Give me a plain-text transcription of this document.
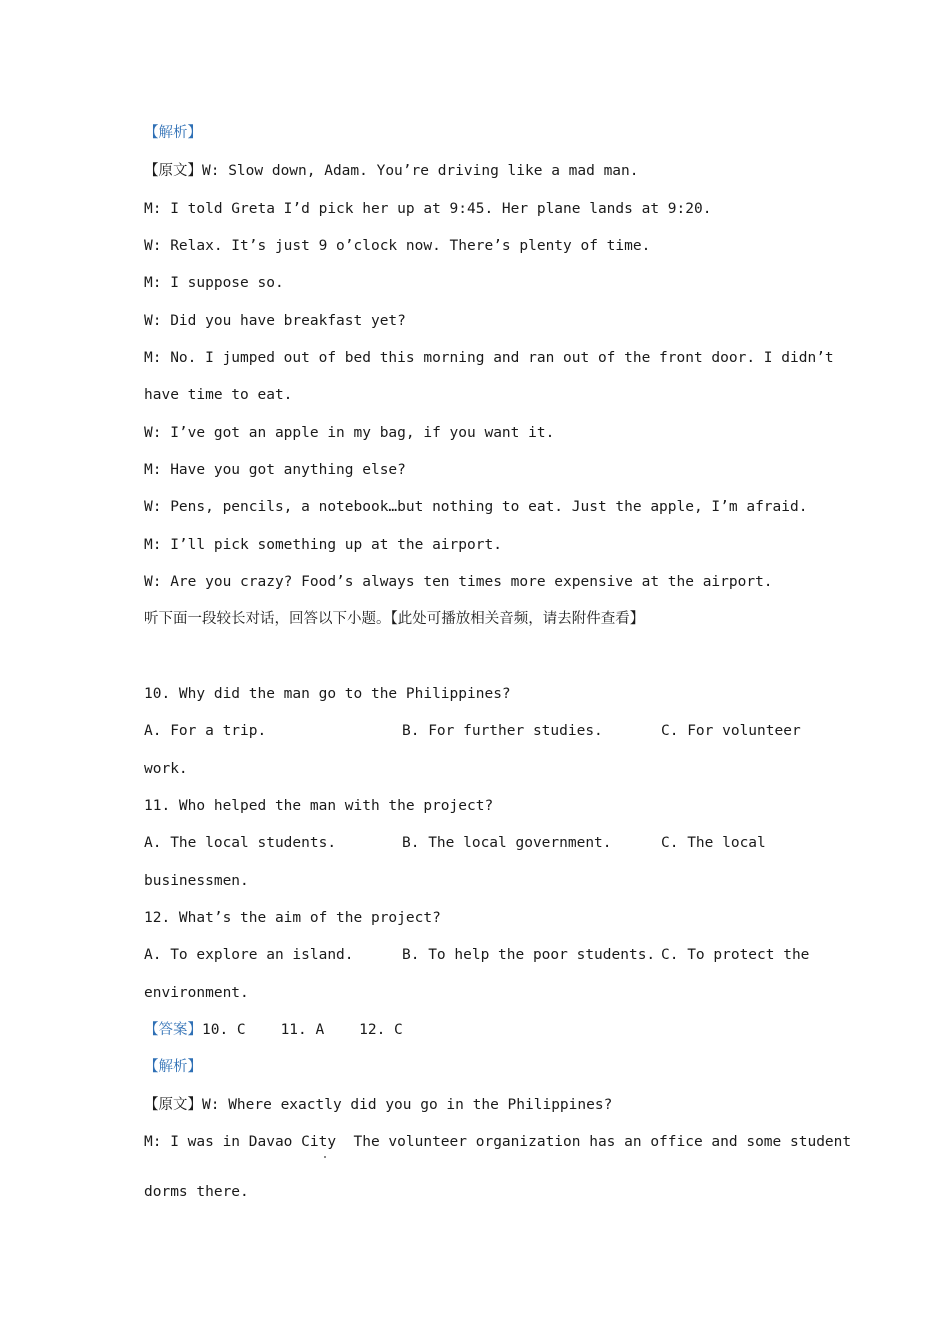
【解析】
【原文】W: Slow down, Adam. You’re driving like a mad man.
M: I told Greta I’d pick her up at 9:45. Her plane lands at 9:20.
W: Relax. It’s just 9 o’clock now. There’s plenty of time.
M: I suppose so.
W: Did you have breakfast yet?
M: No. I jumped out of bed this morning and ran out of the front door. I didn’t
have time to eat.
W: I’ve got an apple in my bag, if you want it.
M: Have you got anything else?
W: Pens, pencils, a notebook…but nothing to eat. Just the apple, I’m afraid.
M: I’ll pick something up at the airport.
W: Are you crazy? Food’s always ten times more expensive at the airport.
听下面一段较长对话，回答以下小题。【此处可播放相关音频，请去附件查看】
10. Why did the man go to the Philippines?
A. For a trip.	B. For further studies.	C. For volunteer
work.
11. Who helped the man with the project?
A. The local students.	B. The local government.	C. The local
businessmen.
12. What’s the aim of the project?
A. To explore an island.	B. To help the poor students. C. To protect the
environment.
【答案】10. C    11. A    12. C
【解析】
【原文】W: Where exactly did you go in the Philippines?
M: I was in Davao City  The volunteer organization has an office and some student
dorms there.
